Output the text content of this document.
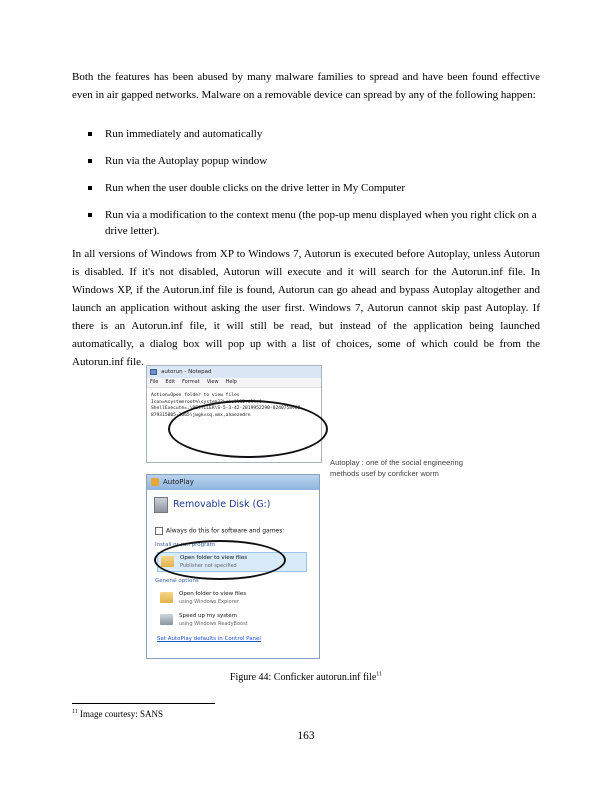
Both the features has been abused by many malware families to spread and have been found effective even in air gapped networks. Malware on a removable device can spread by any of the following happen:

Run immediately and automatically
Run via the Autoplay popup window
Run when the user double clicks on the drive letter in My Computer
Run via a modification to the context menu (the pop-up menu displayed when you right click on a drive letter).

In all versions of Windows from XP to Windows 7, Autorun is executed before Autoplay, unless Autorun is disabled. If it's not disabled, Autorun will execute and it will search for the Autorun.inf file. In Windows XP, if the Autorun.inf file is found, Autorun can go ahead and bypass Autoplay altogether and launch an application without asking the user first. Windows 7, Autorun cannot skip past Autoplay. If there is an Autorun.inf file, it will still be read, but instead of the application being launched automatically, a dialog box will pop up with a list of choices, some of which could be from the Autorun.inf file.

autorun - Notepad
File Edit Format View Help
Action=Open folder to view files
Icon=%systemroot%\system32\shell32.dll,4
ShellExecute=.\RECYCLER\S-5-3-42-2819952290-8240758988-
879315005-3665\jwgkvsq.vmx,ahaezedrn
AutoPlay
Removable Disk (G:)
Always do this for software and games:
Install or run program
Open folder to view files
Publisher not specified
General options
Open folder to view files
using Windows Explorer
Speed up my system
using Windows ReadyBoost
Set AutoPlay defaults in Control Panel
Autoplay : one of the social engineering methods usef by conficker worm
Figure 44: Conficker autorun.inf file$^{11}$
$^{11}$ Image courtesy: SANS
163
